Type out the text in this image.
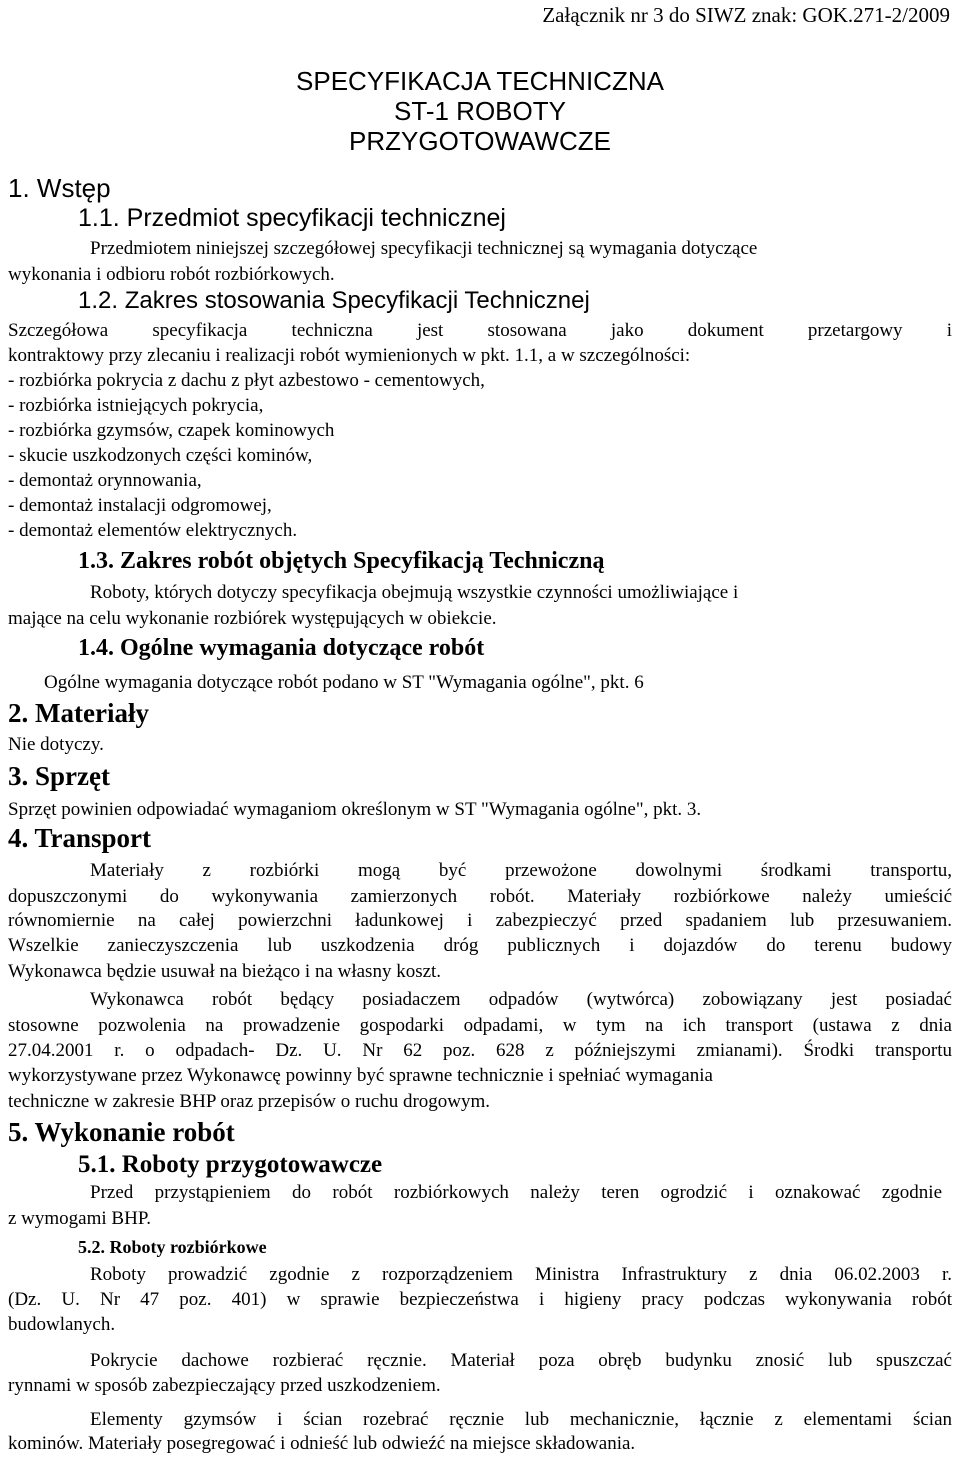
Załącznik nr 3 do SIWZ znak: GOK.271-2/2009
SPECYFIKACJA TECHNICZNA
ST-1 ROBOTY
PRZYGOTOWAWCZE
1. Wstęp
1.1. Przedmiot specyfikacji technicznej
Przedmiotem niniejszej szczegółowej specyfikacji technicznej są wymagania dotyczące
wykonania i odbioru robót rozbiórkowych.
1.2. Zakres stosowania Specyfikacji Technicznej
Szczegółowa specyfikacja techniczna jest stosowana jako dokument przetargowy i
kontraktowy przy zlecaniu i realizacji robót wymienionych w pkt. 1.1, a w szczególności:
- rozbiórka pokrycia z dachu z płyt azbestowo - cementowych,
- rozbiórka istniejących pokrycia,
- rozbiórka gzymsów, czapek kominowych
- skucie uszkodzonych części kominów,
- demontaż orynnowania,
- demontaż instalacji odgromowej,
- demontaż elementów elektrycznych.
1.3. Zakres robót objętych Specyfikacją Techniczną
Roboty, których dotyczy specyfikacja obejmują wszystkie czynności umożliwiające i
mające na celu wykonanie rozbiórek występujących w obiekcie.
1.4. Ogólne wymagania dotyczące robót
Ogólne wymagania dotyczące robót podano w ST "Wymagania ogólne", pkt. 6
2. Materiały
Nie dotyczy.
3. Sprzęt
Sprzęt powinien odpowiadać wymaganiom określonym w ST "Wymagania ogólne", pkt. 3.
4. Transport
Materiały z rozbiórki mogą być przewożone dowolnymi środkami transportu,
dopuszczonymi do wykonywania zamierzonych robót. Materiały rozbiórkowe należy umieścić
równomiernie na całej powierzchni ładunkowej i zabezpieczyć przed spadaniem lub przesuwaniem.
Wszelkie zanieczyszczenia lub uszkodzenia dróg publicznych i dojazdów do terenu budowy
Wykonawca będzie usuwał na bieżąco i na własny koszt.
Wykonawca robót będący posiadaczem odpadów (wytwórca) zobowiązany jest posiadać
stosowne pozwolenia na prowadzenie gospodarki odpadami, w tym na ich transport (ustawa z dnia
27.04.2001 r. o odpadach- Dz. U. Nr 62 poz. 628 z późniejszymi zmianami). Środki transportu
wykorzystywane przez Wykonawcę powinny być sprawne technicznie i spełniać wymagania
techniczne w zakresie BHP oraz przepisów o ruchu drogowym.
5. Wykonanie robót
5.1. Roboty przygotowawcze
Przed przystąpieniem do robót rozbiórkowych należy teren ogrodzić i oznakować zgodnie
z wymogami BHP.
5.2. Roboty rozbiórkowe
Roboty prowadzić zgodnie z rozporządzeniem Ministra Infrastruktury z dnia 06.02.2003 r.
(Dz. U. Nr 47 poz. 401) w sprawie bezpieczeństwa i higieny pracy podczas wykonywania robót
budowlanych.
Pokrycie dachowe rozbierać ręcznie. Materiał poza obręb budynku znosić lub spuszczać
rynnami w sposób zabezpieczający przed uszkodzeniem.
Elementy gzymsów i ścian rozebrać ręcznie lub mechanicznie, łącznie z elementami ścian
kominów. Materiały posegregować i odnieść lub odwieźć na miejsce składowania.
